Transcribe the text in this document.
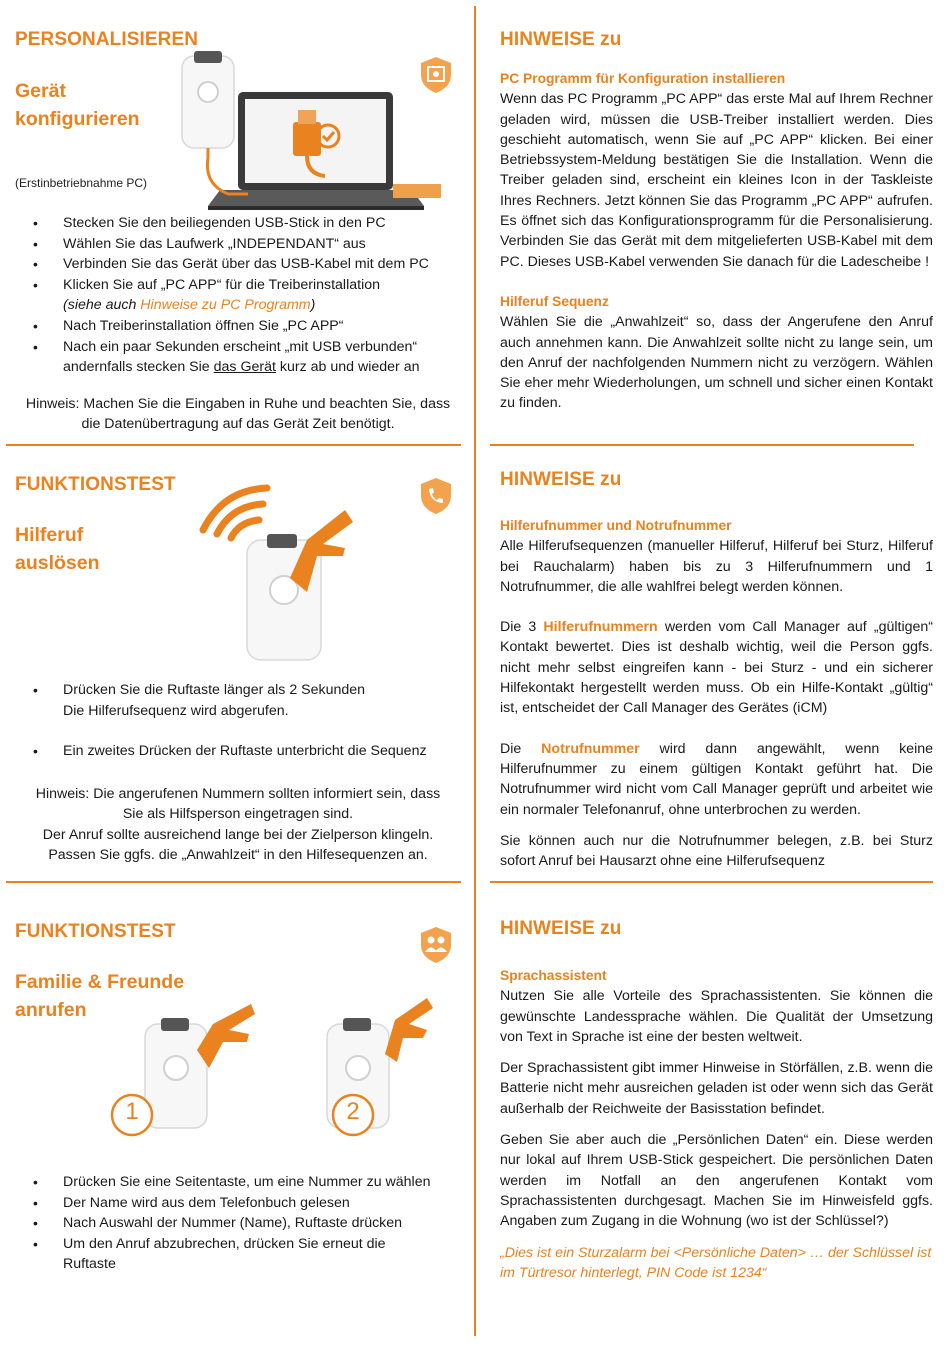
PERSONALISIEREN
Gerät
konfigurieren
(Erstinbetriebnahme PC)
• Stecken Sie den beiliegenden USB-Stick in den PC
• Wählen Sie das Laufwerk „INDEPENDANT“ aus
• Verbinden Sie das Gerät über das USB-Kabel mit dem PC
• Klicken Sie auf „PC APP“ für die Treiberinstallation
(siehe auch Hinweise zu PC Programm)
• Nach Treiberinstallation öffnen Sie „PC APP“
• Nach ein paar Sekunden erscheint „mit USB verbunden“
andernfalls stecken Sie das Gerät kurz ab und wieder an
Hinweis: Machen Sie die Eingaben in Ruhe und beachten Sie, dass
die Datenübertragung auf das Gerät Zeit benötigt.
FUNKTIONSTEST
Hilferuf
auslösen
• Drücken Sie die Ruftaste länger als 2 Sekunden
Die Hilferufsequenz wird abgerufen.
• Ein zweites Drücken der Ruftaste unterbricht die Sequenz
Hinweis: Die angerufenen Nummern sollten informiert sein, dass
Sie als Hilfsperson eingetragen sind.
Der Anruf sollte ausreichend lange bei der Zielperson klingeln.
Passen Sie ggfs. die „Anwahlzeit“ in den Hilfesequenzen an.
FUNKTIONSTEST
Familie & Freunde
anrufen
1	2
• Drücken Sie eine Seitentaste, um eine Nummer zu wählen
• Der Name wird aus dem Telefonbuch gelesen
• Nach Auswahl der Nummer (Name), Ruftaste drücken
• Um den Anruf abzubrechen, drücken Sie erneut die
Ruftaste
HINWEISE zu
PC Programm für Konfiguration installieren

Wenn das PC Programm „PC APP“ das erste Mal auf Ihrem Rechner geladen wird, müssen die USB-Treiber installiert werden. Dies geschieht automatisch, wenn Sie auf „PC APP“ klicken. Bei einer Betriebssystem-Meldung bestätigen Sie die Installation. Wenn die Treiber geladen sind, erscheint ein kleines Icon in der Taskleiste Ihres Rechners. Jetzt können Sie das Programm „PC APP“ aufrufen. Es öffnet sich das Konfigurationsprogramm für die Personalisierung. Verbinden Sie das Gerät mit dem mitgelieferten USB-Kabel mit dem PC. Dieses USB-Kabel verwenden Sie danach für die Ladescheibe !

Hilferuf Sequenz

Wählen Sie die „Anwahlzeit“ so, dass der Angerufene den Anruf auch annehmen kann. Die Anwahlzeit sollte nicht zu lange sein, um den Anruf der nachfolgenden Nummern nicht zu verzögern. Wählen Sie eher mehr Wiederholungen, um schnell und sicher einen Kontakt zu finden.

HINWEISE zu
Hilferufnummer und Notrufnummer

Alle Hilferufsequenzen (manueller Hilferuf, Hilferuf bei Sturz, Hilferuf bei Rauchalarm) haben bis zu 3 Hilferufnummern und 1 Notrufnummer, die alle wahlfrei belegt werden können.

Die 3 Hilferufnummern werden vom Call Manager auf „gültigen“ Kontakt bewertet. Dies ist deshalb wichtig, weil die Person ggfs. nicht mehr selbst eingreifen kann - bei Sturz - und ein sicherer Hilfekontakt hergestellt werden muss. Ob ein Hilfe-Kontakt „gültig“ ist, entscheidet der Call Manager des Gerätes (iCM)

Die Notrufnummer wird dann angewählt, wenn keine Hilferufnummer zu einem gültigen Kontakt geführt hat. Die Notrufnummer wird nicht vom Call Manager geprüft und arbeitet wie ein normaler Telefonanruf, ohne unterbrochen zu werden.

Sie können auch nur die Notrufnummer belegen, z.B. bei Sturz sofort Anruf bei Hausarzt ohne eine Hilferufsequenz

HINWEISE zu
Sprachassistent

Nutzen Sie alle Vorteile des Sprachassistenten. Sie können die gewünschte Landessprache wählen. Die Qualität der Umsetzung von Text in Sprache ist eine der besten weltweit.

Der Sprachassistent gibt immer Hinweise in Störfällen, z.B. wenn die Batterie nicht mehr ausreichen geladen ist oder wenn sich das Gerät außerhalb der Reichweite der Basisstation befindet.

Geben Sie aber auch die „Persönlichen Daten“ ein. Diese werden nur lokal auf Ihrem USB-Stick gespeichert. Die persönlichen Daten werden im Notfall an den angerufenen Kontakt vom Sprachassistenten durchgesagt. Machen Sie im Hinweisfeld ggfs. Angaben zum Zugang in die Wohnung (wo ist der Schlüssel?)

„Dies ist ein Sturzalarm bei <Persönliche Daten> … der Schlüssel ist im Türtresor hinterlegt, PIN Code ist 1234“
